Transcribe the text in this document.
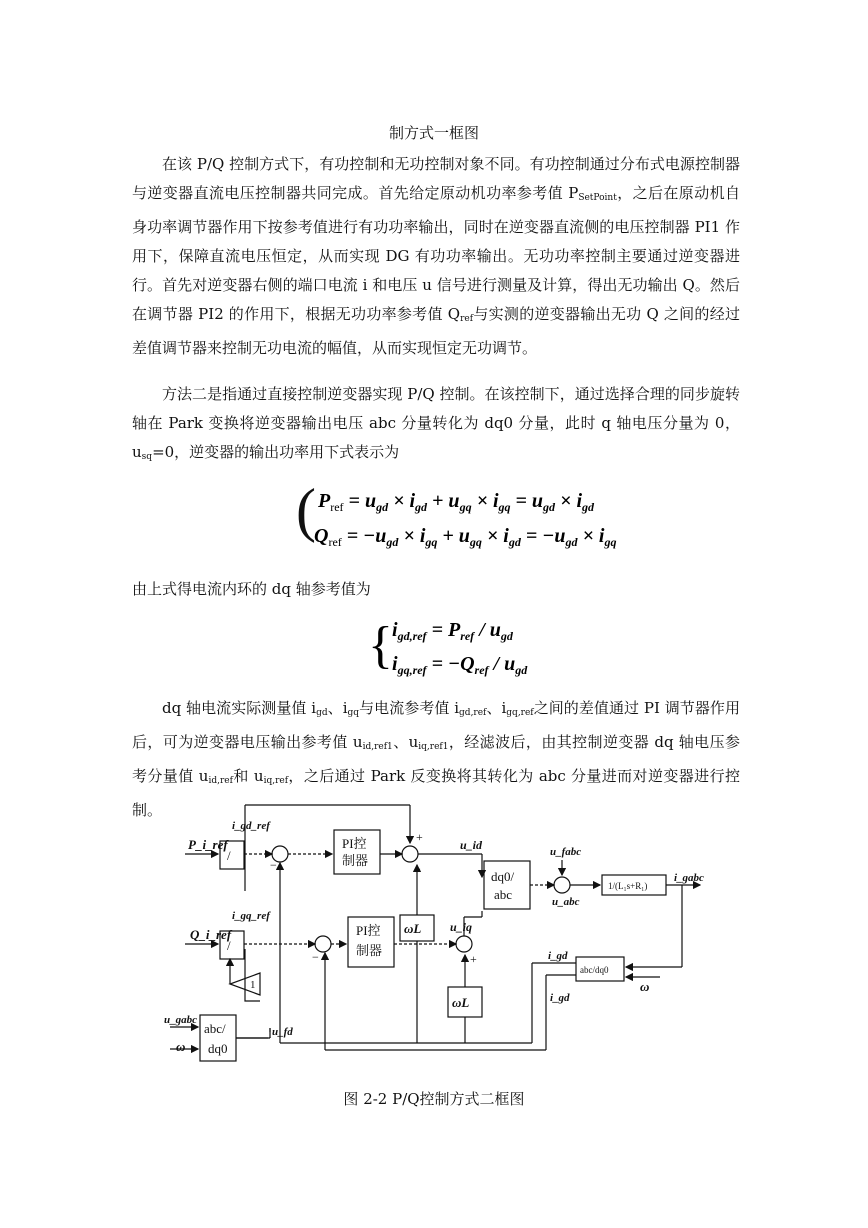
制方式一框图
在该 P/Q 控制方式下，有功控制和无功控制对象不同。有功控制通过分布式电源控制器与逆变器直流电压控制器共同完成。首先给定原动机功率参考值 $P_{SetPoint}$，之后在原动机自身功率调节器作用下按参考值进行有功功率输出，同时在逆变器直流侧的电压控制器 PI1 作用下，保障直流电压恒定，从而实现 DG 有功功率输出。无功功率控制主要通过逆变器进行。首先对逆变器右侧的端口电流 i 和电压 u 信号进行测量及计算，得出无功输出 Q。然后在调节器 PI2 的作用下，根据无功功率参考值 $Q_{ref}$与实测的逆变器输出无功 Q 之间的经过差值调节器来控制无功电流的幅值，从而实现恒定无功调节。
方法二是指通过直接控制逆变器实现 P/Q 控制。在该控制下，通过选择合理的同步旋转轴在 Park 变换将逆变器输出电压 abc 分量转化为 dq0 分量，此时 q 轴电压分量为 0，$u_{sq}=0$，逆变器的输出功率用下式表示为
( $P_{ref} = u_{gd} \times i_{gd} + u_{gq} \times i_{gq} = u_{gd} \times i_{gd}$
$Q_{ref} = -u_{gd} \times i_{gq} + u_{gq} \times i_{gd} = -u_{gd} \times i_{gq}$
由上式得电流内环的 dq 轴参考值为
{ $i_{gd,ref} = P_{ref} / u_{gd}$
$i_{gq,ref} = -Q_{ref} / u_{gd}$
dq 轴电流实际测量值 $i_{gd}$、$i_{gq}$与电流参考值 $i_{gd,ref}$、$i_{gq,ref}$之间的差值通过 PI 调节器作用后，可为逆变器电压输出参考值 $u_{id,ref1}$、$u_{iq,ref1}$，经滤波后，由其控制逆变器 dq 轴电压参考分量值 $u_{id,ref}$和 $u_{iq,ref}$，之后通过 Park 反变换将其转化为 abc 分量进而对逆变器进行控制。
P_i_ref
i_gd_ref
/
PI控
制器
+
−
−
u_id
dq0/
abc
ωL
ωL
Q_i_ref
i_gq_ref
/
PI控
制器
−
u_iq
+
1
u_fabc
u_abc
1/(L₁s+R₁)
i_gabc
abc/dq0
i_gd
i_gd
ω
u_gabc
ω
abc/
dq0
u_fd
图 2-2 P/Q控制方式二框图
